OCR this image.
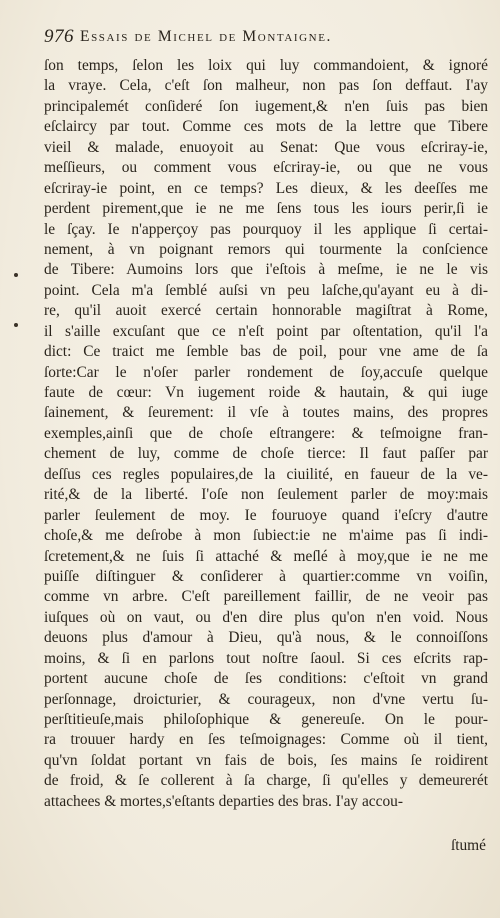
976 Essais de Michel de Montaigne.
ſon temps, ſelon les loix qui luy commandoient, & ignoré
la vraye. Cela, c'eſt ſon malheur, non pas ſon deffaut. I'ay
principalemét conſideré ſon iugement,& n'en ſuis pas bien
eſclaircy par tout. Comme ces mots de la lettre que Tibere
vieil & malade, enuoyoit au Senat: Que vous eſcriray-ie,
meſſieurs, ou comment vous eſcriray-ie, ou que ne vous
eſcriray-ie point, en ce temps? Les dieux, & les deeſſes me
perdent pirement,que ie ne me ſens tous les iours perir,ſi ie
le ſçay. Ie n'apperçoy pas pourquoy il les applique ſi certai-
nement, à vn poignant remors qui tourmente la conſcience
de Tibere: Aumoins lors que i'eſtois à meſme, ie ne le vis
point. Cela m'a ſemblé auſsi vn peu laſche,qu'ayant eu à di-
re, qu'il auoit exercé certain honnorable magiſtrat à Rome,
il s'aille excuſant que ce n'eſt point par oſtentation, qu'il l'a
dict: Ce traict me ſemble bas de poil, pour vne ame de ſa
ſorte:Car le n'oſer parler rondement de ſoy,accuſe quelque
faute de cœur: Vn iugement roide & hautain, & qui iuge
ſainement, & ſeurement: il vſe à toutes mains, des propres
exemples,ainſi que de choſe eſtrangere: & teſmoigne fran-
chement de luy, comme de choſe tierce: Il faut paſſer par
deſſus ces regles populaires,de la ciuilité, en faueur de la ve-
rité,& de la liberté. I'oſe non ſeulement parler de moy:mais
parler ſeulement de moy. Ie fouruoye quand i'eſcry d'autre
choſe,& me deſrobe à mon ſubiect:ie ne m'aime pas ſi indi-
ſcretement,& ne ſuis ſi attaché & meſlé à moy,que ie ne me
puiſſe diſtinguer & conſiderer à quartier:comme vn voiſin,
comme vn arbre. C'eſt pareillement faillir, de ne veoir pas
iuſques où on vaut, ou d'en dire plus qu'on n'en void. Nous
deuons plus d'amour à Dieu, qu'à nous, & le connoiſſons
moins, & ſi en parlons tout noſtre ſaoul. Si ces eſcrits rap-
portent aucune choſe de ſes conditions: c'eſtoit vn grand
perſonnage, droicturier, & courageux, non d'vne vertu ſu-
perſtitieuſe,mais philoſophique & genereuſe. On le pour-
ra trouuer hardy en ſes teſmoignages: Comme où il tient,
qu'vn ſoldat portant vn fais de bois, ſes mains ſe roidirent
de froid, & ſe collerent à ſa charge, ſi qu'elles y demeurerét
attachees & mortes,s'eſtants departies des bras. I'ay accou-
ſtumé
